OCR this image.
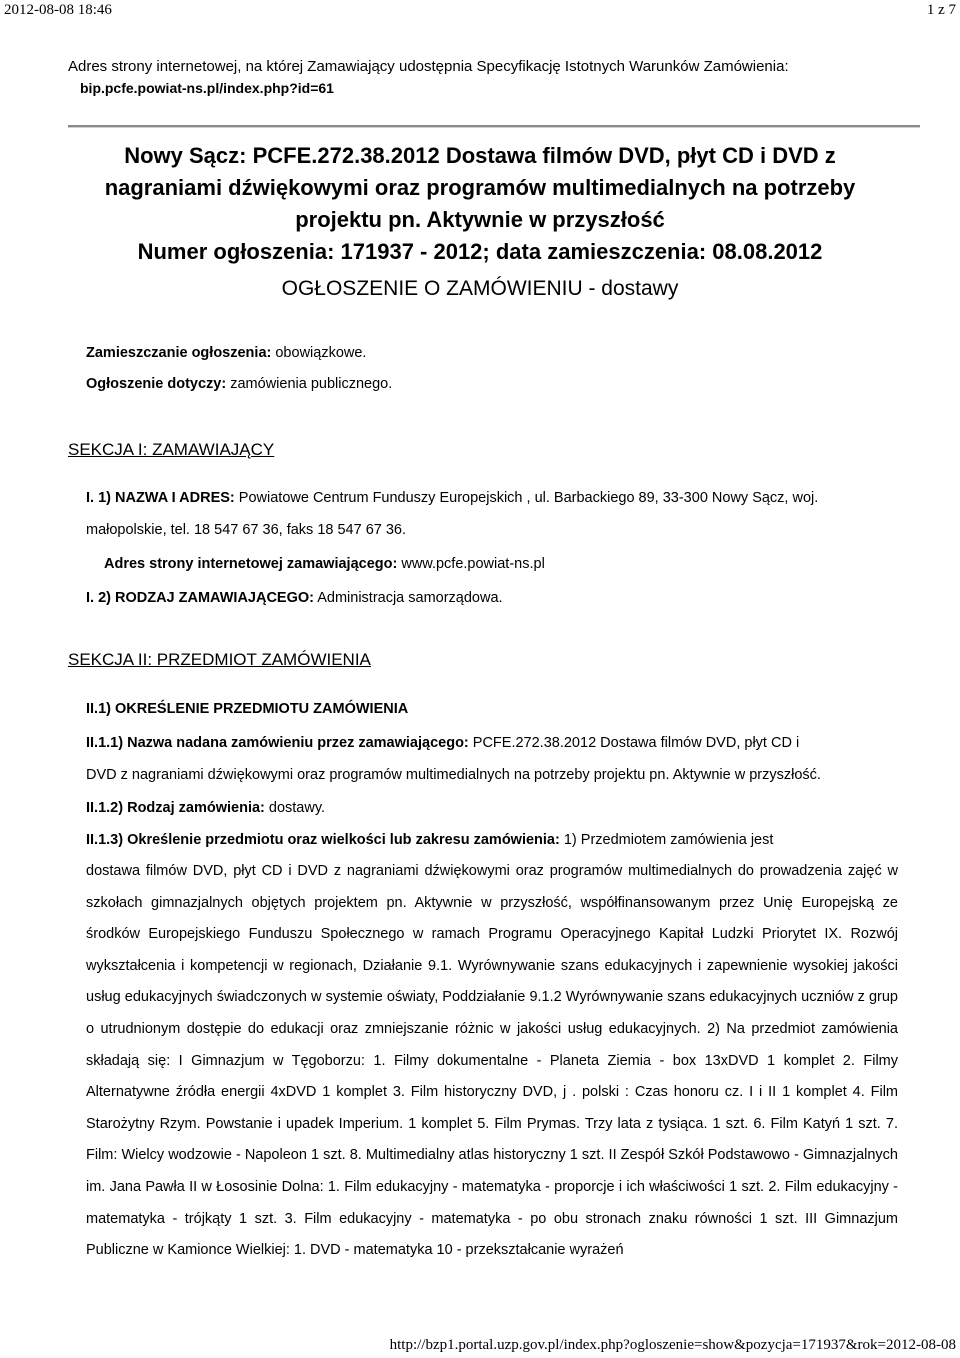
2012-08-08 18:46	1 z 7
Adres strony internetowej, na której Zamawiający udostępnia Specyfikację Istotnych Warunków Zamówienia:
bip.pcfe.powiat-ns.pl/index.php?id=61
Nowy Sącz: PCFE.272.38.2012 Dostawa filmów DVD, płyt CD i DVD z
nagraniami dźwiękowymi oraz programów multimedialnych na potrzeby
projektu pn. Aktywnie w przyszłość
Numer ogłoszenia: 171937 - 2012; data zamieszczenia: 08.08.2012
OGŁOSZENIE O ZAMÓWIENIU - dostawy
Zamieszczanie ogłoszenia: obowiązkowe.
Ogłoszenie dotyczy: zamówienia publicznego.
SEKCJA I: ZAMAWIAJĄCY
I. 1) NAZWA I ADRES: Powiatowe Centrum Funduszy Europejskich , ul. Barbackiego 89, 33-300 Nowy Sącz, woj.
małopolskie, tel. 18 547 67 36, faks 18 547 67 36.
Adres strony internetowej zamawiającego: www.pcfe.powiat-ns.pl
I. 2) RODZAJ ZAMAWIAJĄCEGO: Administracja samorządowa.
SEKCJA II: PRZEDMIOT ZAMÓWIENIA
II.1) OKREŚLENIE PRZEDMIOTU ZAMÓWIENIA
II.1.1) Nazwa nadana zamówieniu przez zamawiającego: PCFE.272.38.2012 Dostawa filmów DVD, płyt CD i
DVD z nagraniami dźwiękowymi oraz programów multimedialnych na potrzeby projektu pn. Aktywnie w przyszłość.
II.1.2) Rodzaj zamówienia: dostawy.
II.1.3) Określenie przedmiotu oraz wielkości lub zakresu zamówienia: 1) Przedmiotem zamówienia jest
dostawa filmów DVD, płyt CD i DVD z nagraniami dźwiękowymi oraz programów multimedialnych do prowadzenia zajęć w szkołach gimnazjalnych objętych projektem pn. Aktywnie w przyszłość, współfinansowanym przez Unię Europejską ze środków Europejskiego Funduszu Społecznego w ramach Programu Operacyjnego Kapitał Ludzki Priorytet IX. Rozwój wykształcenia i kompetencji w regionach, Działanie 9.1. Wyrównywanie szans edukacyjnych i zapewnienie wysokiej jakości usług edukacyjnych świadczonych w systemie oświaty, Poddziałanie 9.1.2 Wyrównywanie szans edukacyjnych uczniów z grup o utrudnionym dostępie do edukacji oraz zmniejszanie różnic w jakości usług edukacyjnych. 2) Na przedmiot zamówienia składają się: I Gimnazjum w Tęgoborzu: 1. Filmy dokumentalne - Planeta Ziemia - box 13xDVD 1 komplet 2. Filmy Alternatywne źródła energii 4xDVD 1 komplet 3. Film historyczny DVD, j . polski : Czas honoru cz. I i II 1 komplet 4. Film Starożytny Rzym. Powstanie i upadek Imperium. 1 komplet 5. Film Prymas. Trzy lata z tysiąca. 1 szt. 6. Film Katyń 1 szt. 7. Film: Wielcy wodzowie - Napoleon 1 szt. 8. Multimedialny atlas historyczny 1 szt. II Zespół Szkół Podstawowo - Gimnazjalnych im. Jana Pawła II w Łososinie Dolna: 1. Film edukacyjny - matematyka - proporcje i ich właściwości 1 szt. 2. Film edukacyjny - matematyka - trójkąty 1 szt. 3. Film edukacyjny - matematyka - po obu stronach znaku równości 1 szt. III Gimnazjum Publiczne w Kamionce Wielkiej: 1. DVD - matematyka 10 - przekształcanie wyrażeń
http://bzp1.portal.uzp.gov.pl/index.php?ogloszenie=show&pozycja=171937&rok=2012-08-08
